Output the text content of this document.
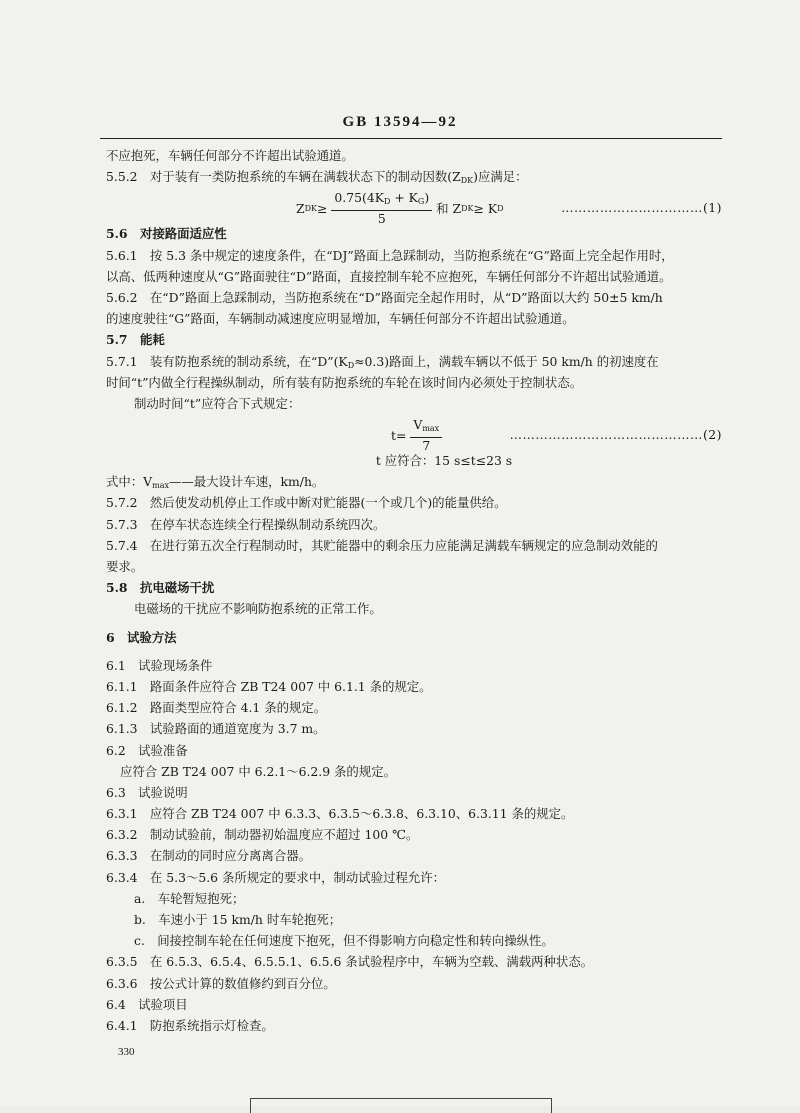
GB 13594—92
不应抱死，车辆任何部分不许超出试验通道。
5.5.2　对于装有一类防抱系统的车辆在满载状态下的制动因数$(Z_{DK})$应满足：
Z DK ≥ $\frac{0.75(4K_D + K_G)}{5}$ 和 Z DK ≥ K D	……………………………(1)
5.6　对接路面适应性
5.6.1　按 5.3 条中规定的速度条件，在“DJ”路面上急踩制动，当防抱系统在“G”路面上完全起作用时，
以高、低两种速度从“G”路面驶往“D”路面，直接控制车轮不应抱死，车辆任何部分不许超出试验通道。
5.6.2　在“D”路面上急踩制动，当防抱系统在“D”路面完全起作用时，从“D”路面以大约 50±5 km/h
的速度驶往“G”路面，车辆制动减速度应明显增加，车辆任何部分不许超出试验通道。
5.7　能耗
5.7.1　装有防抱系统的制动系统，在“$D”(K_D\approx 0.3)$路面上，满载车辆以不低于 50 km/h 的初速度在
时间“t”内做全行程操纵制动，所有装有防抱系统的车轮在该时间内必须处于控制状态。
制动时间“t”应符合下式规定：
$t= \frac{V_{max}}{7}$	………………………………………(2)
t 应符合：15 s≤t≤23 s
式中：$V_{max}——$最大设计车速，km/h。
5.7.2　然后使发动机停止工作或中断对贮能器(一个或几个)的能量供给。
5.7.3　在停车状态连续全行程操纵制动系统四次。
5.7.4　在进行第五次全行程制动时，其贮能器中的剩余压力应能满足满载车辆规定的应急制动效能的
要求。
5.8　抗电磁场干扰
电磁场的干扰应不影响防抱系统的正常工作。
6　试验方法
6.1　试验现场条件
6.1.1　路面条件应符合 ZB T24 007 中 6.1.1 条的规定。
6.1.2　路面类型应符合 4.1 条的规定。
6.1.3　试验路面的通道宽度为 3.7 m。
6.2　试验准备
应符合 ZB T24 007 中 6.2.1～6.2.9 条的规定。
6.3　试验说明
6.3.1　应符合 ZB T24 007 中 6.3.3、6.3.5～6.3.8、6.3.10、6.3.11 条的规定。
6.3.2　制动试验前，制动器初始温度应不超过 100 ℃。
6.3.3　在制动的同时应分离离合器。
6.3.4　在 5.3～5.6 条所规定的要求中，制动试验过程允许：
a.　车轮暂短抱死；
b.　车速小于 15 km/h 时车轮抱死；
c.　间接控制车轮在任何速度下抱死，但不得影响方向稳定性和转向操纵性。
6.3.5　在 6.5.3、6.5.4、6.5.5.1、6.5.6 条试验程序中，车辆为空载、满载两种状态。
6.3.6　按公式计算的数值修约到百分位。
6.4　试验项目
6.4.1　防抱系统指示灯检查。
330
